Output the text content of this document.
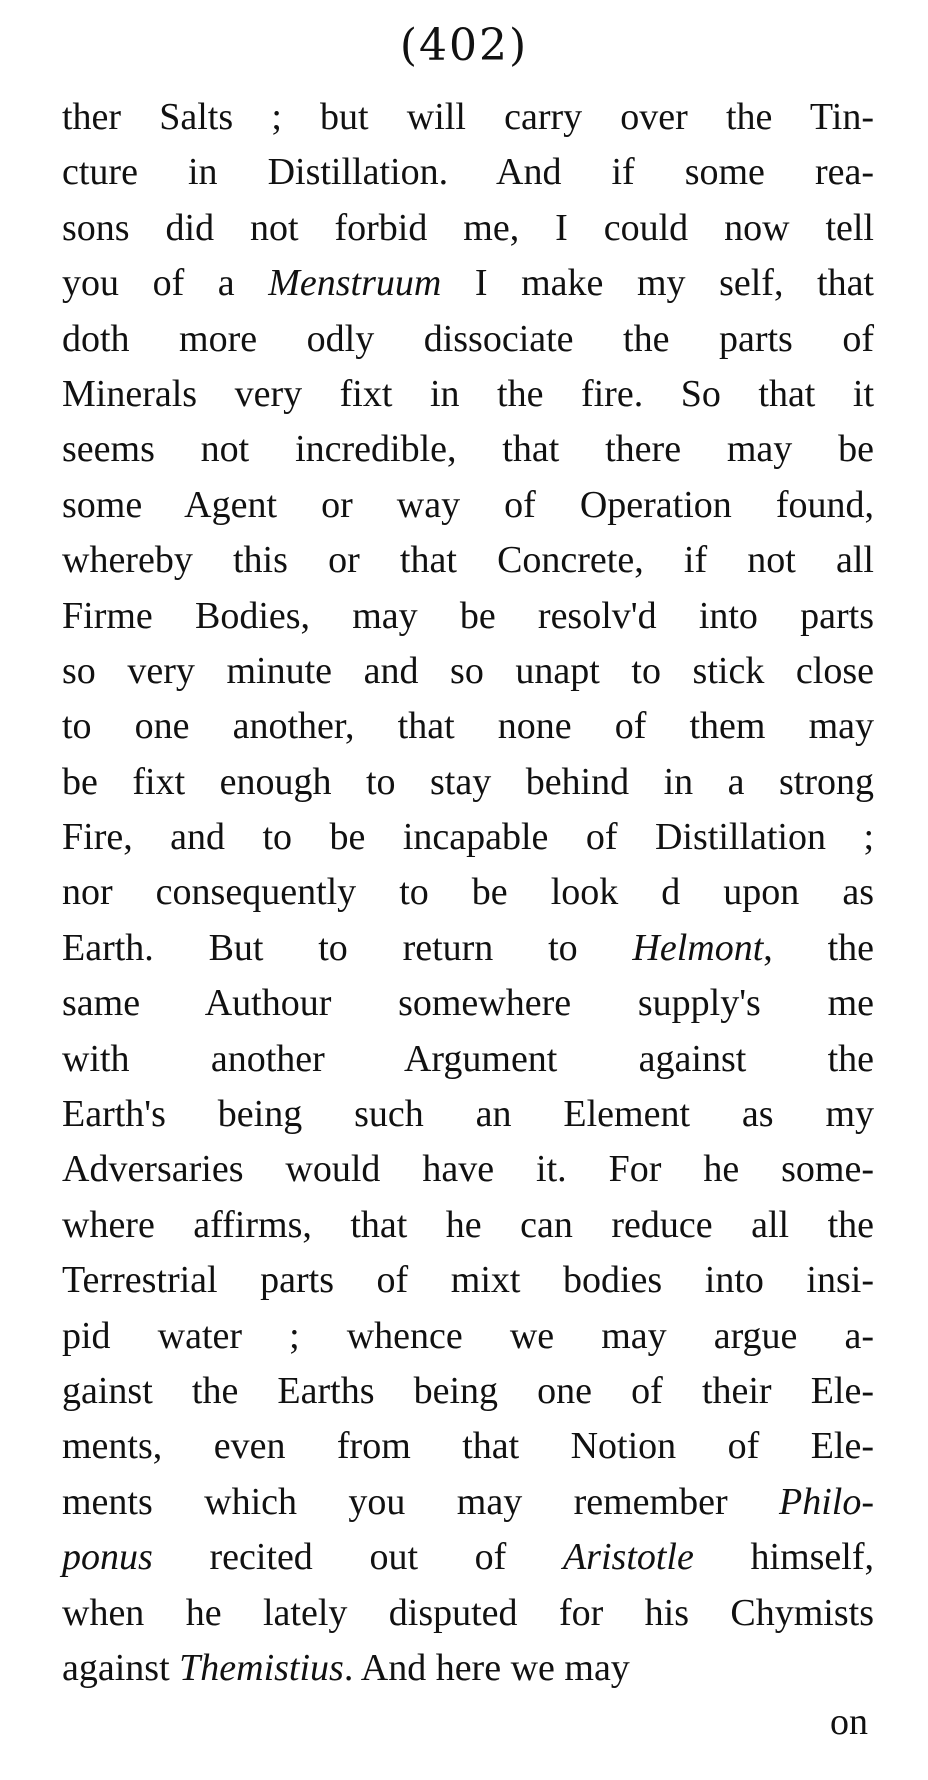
(402)
ther Salts ; but will carry over the Tin-
cture in Distillation. And if some rea-
sons did not forbid me, I could now tell
you of a Menstruum I make my self, that
doth more odly dissociate the parts of
Minerals very fixt in the fire. So that it
seems not incredible, that there may be
some Agent or way of Operation found,
whereby this or that Concrete, if not all
Firme Bodies, may be resolv'd into parts
so very minute and so unapt to stick close
to one another, that none of them may
be fixt enough to stay behind in a strong
Fire, and to be incapable of Distillation ;
nor consequently to be look d upon as
Earth. But to return to Helmont, the
same Authour somewhere supply's me
with another Argument against the
Earth's being such an Element as my
Adversaries would have it. For he some-
where affirms, that he can reduce all the
Terrestrial parts of mixt bodies into insi-
pid water ; whence we may argue a-
gainst the Earths being one of their Ele-
ments, even from that Notion of Ele-
ments which you may remember Philo-
ponus recited out of Aristotle himself,
when he lately disputed for his Chymists
against Themistius. And here we may
on
